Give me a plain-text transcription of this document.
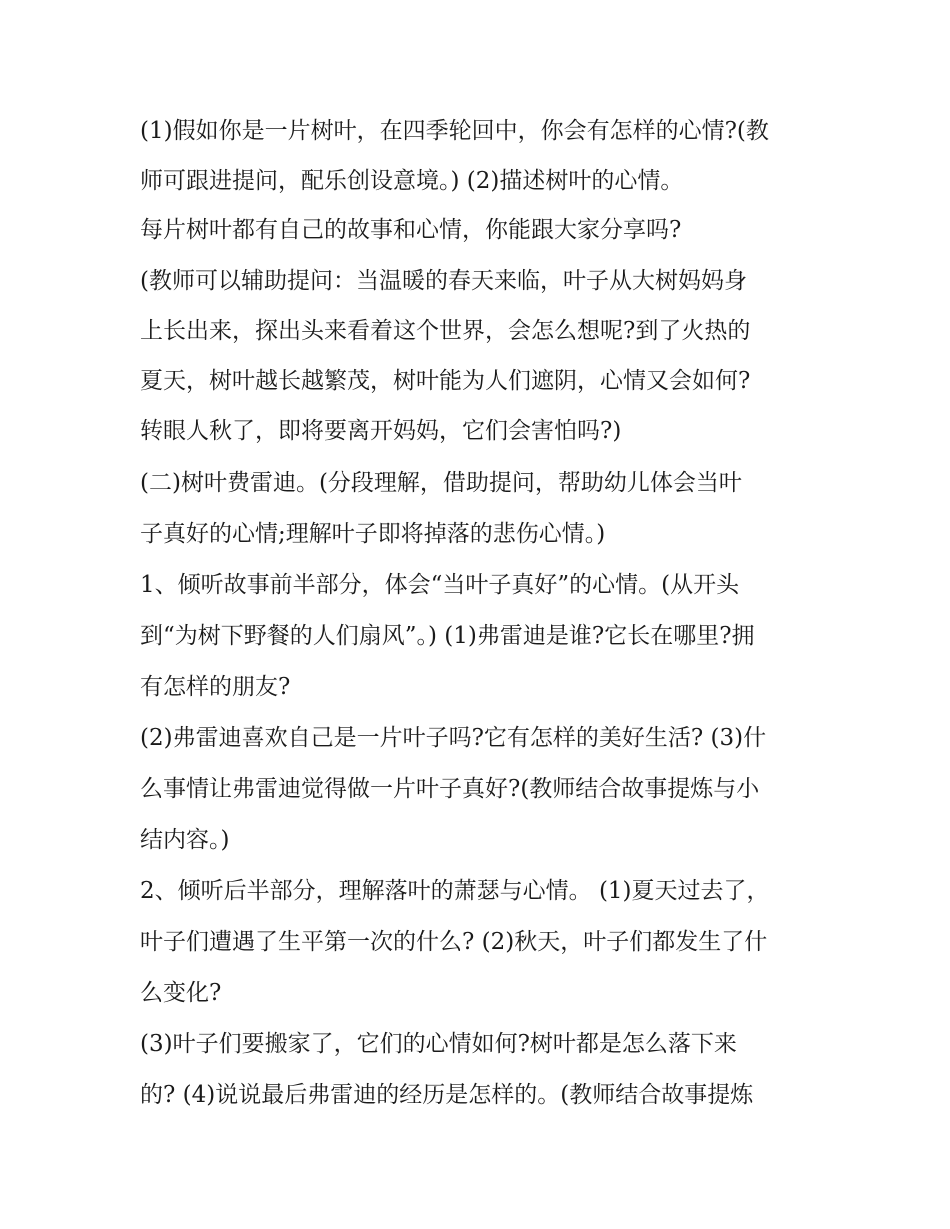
(1)假如你是一片树叶，在四季轮回中，你会有怎样的心情?(教

师可跟进提问，配乐创设意境。) (2)描述树叶的心情。

每片树叶都有自己的故事和心情，你能跟大家分享吗?

(教师可以辅助提问：当温暖的春天来临，叶子从大树妈妈身

上长出来，探出头来看着这个世界，会怎么想呢?到了火热的

夏天，树叶越长越繁茂，树叶能为人们遮阴，心情又会如何?

转眼人秋了，即将要离开妈妈，它们会害怕吗?)

(二)树叶费雷迪。(分段理解，借助提问，帮助幼儿体会当叶

子真好的心情;理解叶子即将掉落的悲伤心情。)

1、倾听故事前半部分，体会“当叶子真好”的心情。(从开头

到“为树下野餐的人们扇风”。) (1)弗雷迪是谁?它长在哪里?拥

有怎样的朋友?

(2)弗雷迪喜欢自己是一片叶子吗?它有怎样的美好生活? (3)什

么事情让弗雷迪觉得做一片叶子真好?(教师结合故事提炼与小

结内容。)

2、倾听后半部分，理解落叶的萧瑟与心情。 (1)夏天过去了，

叶子们遭遇了生平第一次的什么? (2)秋天，叶子们都发生了什

么变化?

(3)叶子们要搬家了，它们的心情如何?树叶都是怎么落下来

的? (4)说说最后弗雷迪的经历是怎样的。(教师结合故事提炼
